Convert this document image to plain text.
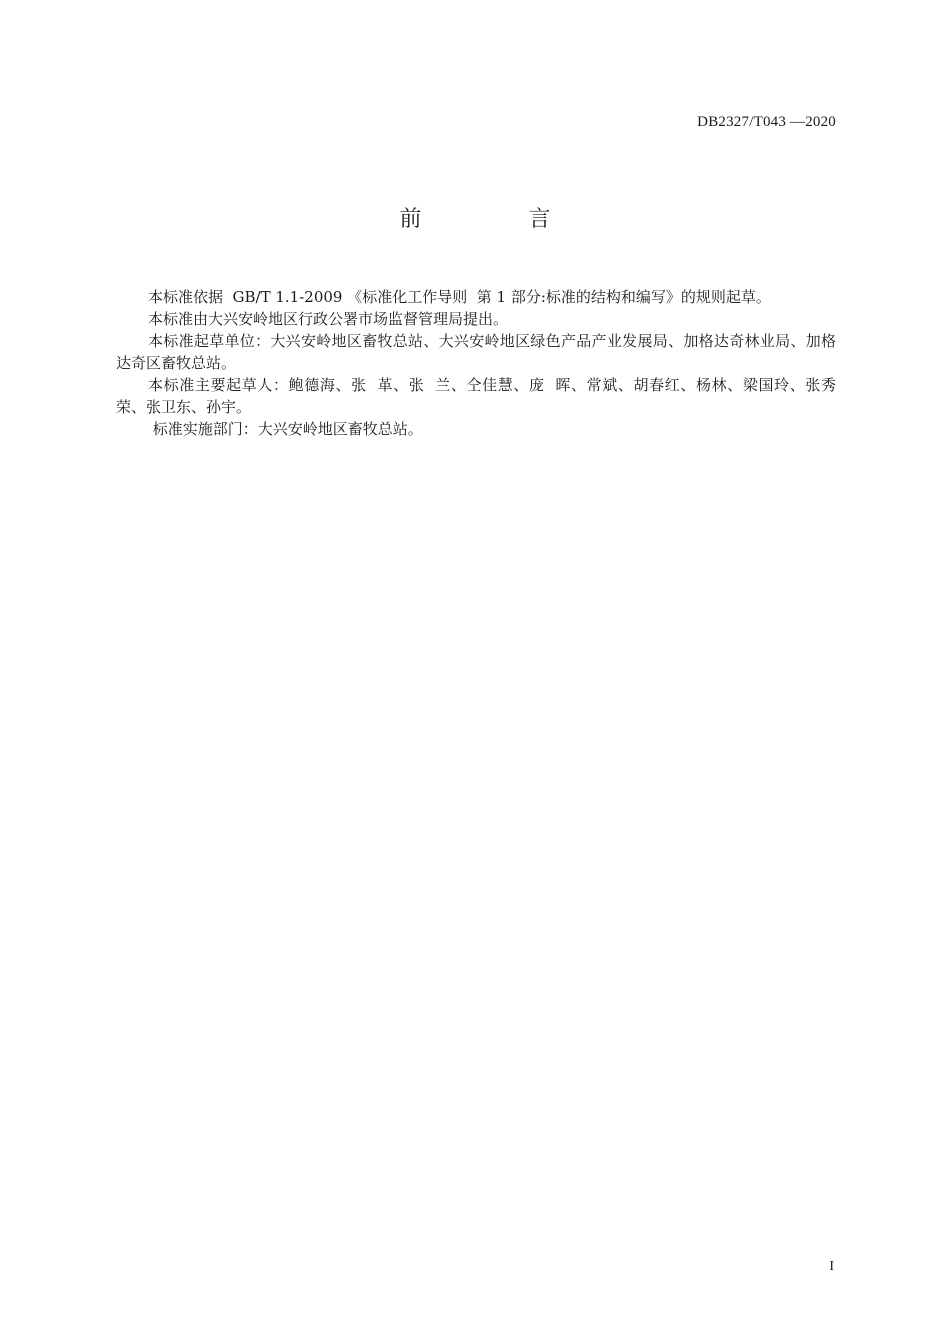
DB2327/T043 —2020
前 言

本标准依据  GB/T 1.1-2009 《标准化工作导则  第 1 部分:标准的结构和编写》的规则起草。

本标准由大兴安岭地区行政公署市场监督管理局提出。

本标准起草单位：大兴安岭地区畜牧总站、大兴安岭地区绿色产品产业发展局、加格达奇林业局、加格达奇区畜牧总站。

本标准主要起草人：鲍德海、张  革、张  兰、仝佳慧、庞  晖、常斌、胡春红、杨林、梁国玲、张秀荣、张卫东、孙宇。

标准实施部门：大兴安岭地区畜牧总站。

I
